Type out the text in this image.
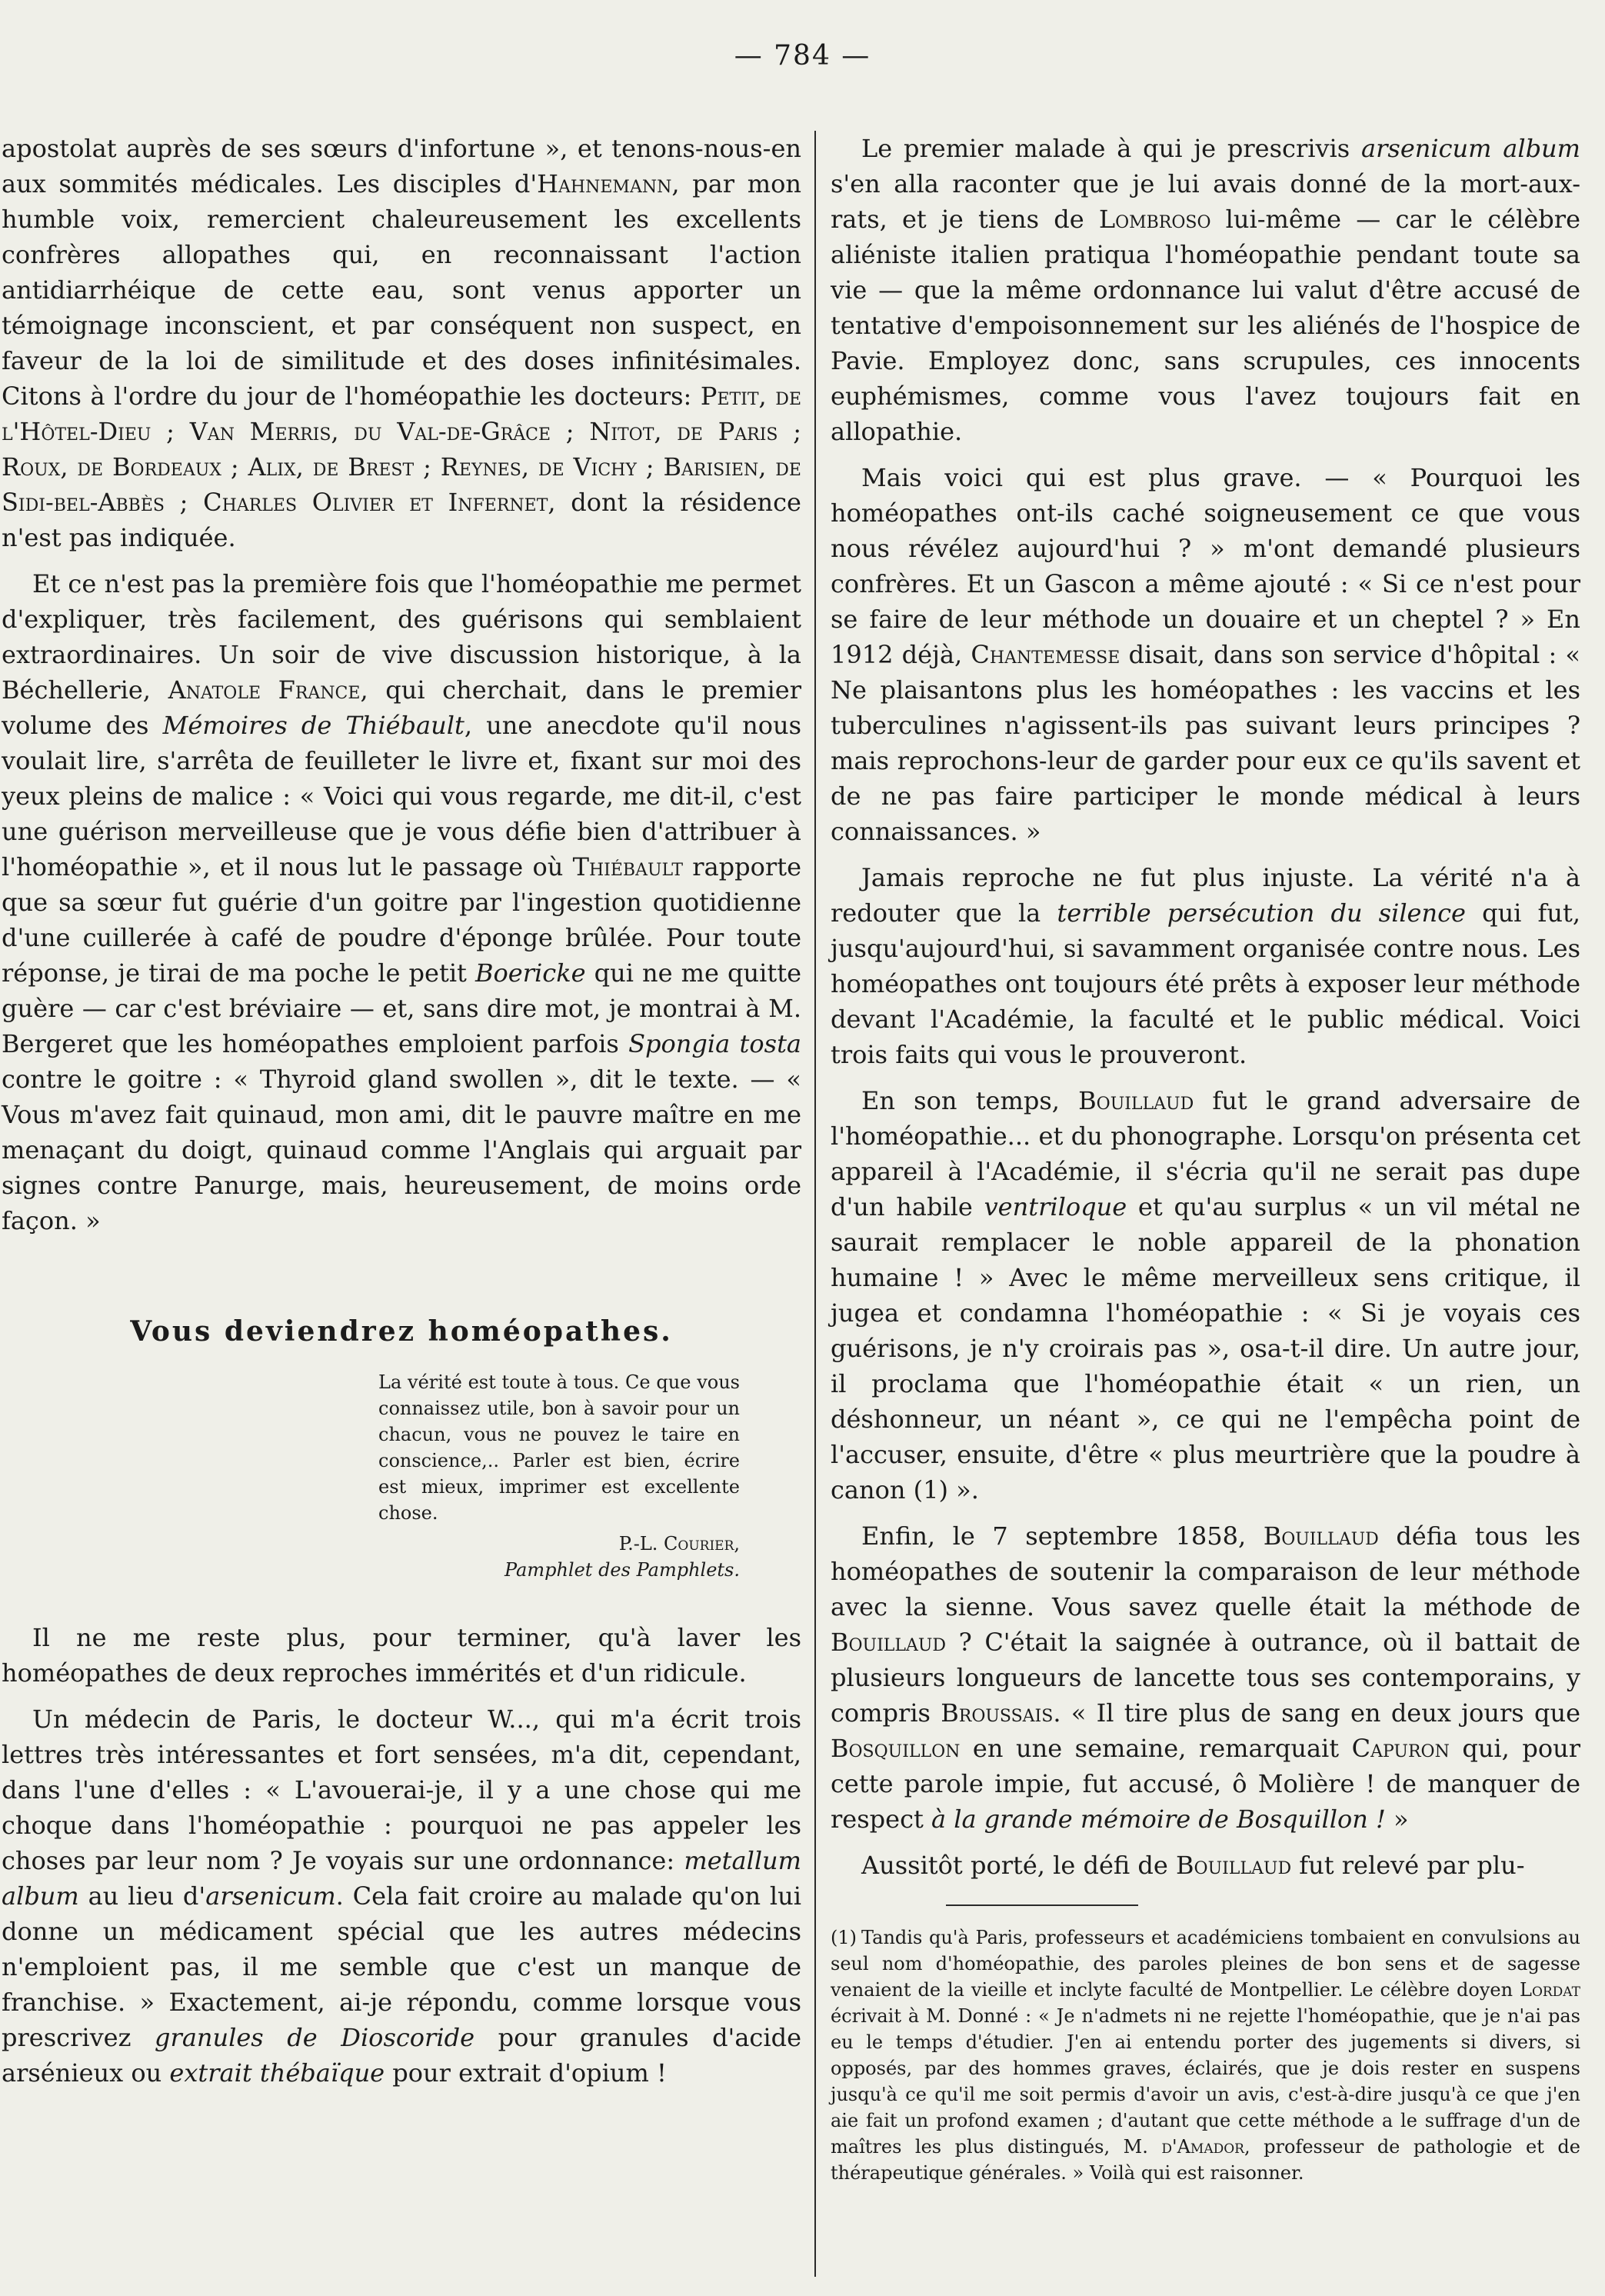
— 784 —

apostolat auprès de ses sœurs d'infortune », et tenons-nous-en aux sommités médicales. Les disciples d'Hahnemann, par mon humble voix, remercient chaleureusement les excellents confrères allopathes qui, en reconnaissant l'action antidiarrhéique de cette eau, sont venus apporter un témoignage inconscient, et par conséquent non suspect, en faveur de la loi de similitude et des doses infinitésimales. Citons à l'ordre du jour de l'homéopathie les docteurs: Petit, de l'Hôtel-Dieu ; Van Merris, du Val-de-Grâce ; Nitot, de Paris ; Roux, de Bordeaux ; Alix, de Brest ; Reynes, de Vichy ; Barisien, de Sidi-bel-Abbès ; Charles Olivier et Infernet, dont la résidence n'est pas indiquée.

Et ce n'est pas la première fois que l'homéopathie me permet d'expliquer, très facilement, des guérisons qui semblaient extraordinaires. Un soir de vive discussion historique, à la Béchellerie, Anatole France, qui cherchait, dans le premier volume des Mémoires de Thiébault, une anecdote qu'il nous voulait lire, s'arrêta de feuilleter le livre et, fixant sur moi des yeux pleins de malice : « Voici qui vous regarde, me dit-il, c'est une guérison merveilleuse que je vous défie bien d'attribuer à l'homéopathie », et il nous lut le passage où Thiébault rapporte que sa sœur fut guérie d'un goitre par l'ingestion quotidienne d'une cuillerée à café de poudre d'éponge brûlée. Pour toute réponse, je tirai de ma poche le petit Boericke qui ne me quitte guère — car c'est bréviaire — et, sans dire mot, je montrai à M. Bergeret que les homéopathes emploient parfois Spongia tosta contre le goitre : « Thyroid gland swollen », dit le texte. — « Vous m'avez fait quinaud, mon ami, dit le pauvre maître en me menaçant du doigt, quinaud comme l'Anglais qui arguait par signes contre Panurge, mais, heureusement, de moins orde façon. »

Vous deviendrez homéopathes.
La vérité est toute à tous. Ce que vous connaissez utile, bon à savoir pour un chacun, vous ne pouvez le taire en conscience,.. Parler est bien, écrire est mieux, imprimer est excellente chose.
P.-L. Courier,
Pamphlet des Pamphlets.

Il ne me reste plus, pour terminer, qu'à laver les homéopathes de deux reproches immérités et d'un ridicule.

Un médecin de Paris, le docteur W..., qui m'a écrit trois lettres très intéressantes et fort sensées, m'a dit, cependant, dans l'une d'elles : « L'avouerai-je, il y a une chose qui me choque dans l'homéopathie : pourquoi ne pas appeler les choses par leur nom ? Je voyais sur une ordonnance: metallum album au lieu d'arsenicum. Cela fait croire au malade qu'on lui donne un médicament spécial que les autres médecins n'emploient pas, il me semble que c'est un manque de franchise. » Exactement, ai-je répondu, comme lorsque vous prescrivez granules de Dioscoride pour granules d'acide arsénieux ou extrait thébaïque pour extrait d'opium !

Le premier malade à qui je prescrivis arsenicum album s'en alla raconter que je lui avais donné de la mort-aux-rats, et je tiens de Lombroso lui-même — car le célèbre aliéniste italien pratiqua l'homéopathie pendant toute sa vie — que la même ordonnance lui valut d'être accusé de tentative d'empoisonnement sur les aliénés de l'hospice de Pavie. Employez donc, sans scrupules, ces innocents euphémismes, comme vous l'avez toujours fait en allopathie.

Mais voici qui est plus grave. — « Pourquoi les homéopathes ont-ils caché soigneusement ce que vous nous révélez aujourd'hui ? » m'ont demandé plusieurs confrères. Et un Gascon a même ajouté : « Si ce n'est pour se faire de leur méthode un douaire et un cheptel ? » En 1912 déjà, Chantemesse disait, dans son service d'hôpital : « Ne plaisantons plus les homéopathes : les vaccins et les tuberculines n'agissent-ils pas suivant leurs principes ? mais reprochons-leur de garder pour eux ce qu'ils savent et de ne pas faire participer le monde médical à leurs connaissances. »

Jamais reproche ne fut plus injuste. La vérité n'a à redouter que la terrible persécution du silence qui fut, jusqu'aujourd'hui, si savamment organisée contre nous. Les homéopathes ont toujours été prêts à exposer leur méthode devant l'Académie, la faculté et le public médical. Voici trois faits qui vous le prouveront.

En son temps, Bouillaud fut le grand adversaire de l'homéopathie... et du phonographe. Lorsqu'on présenta cet appareil à l'Académie, il s'écria qu'il ne serait pas dupe d'un habile ventriloque et qu'au surplus « un vil métal ne saurait remplacer le noble appareil de la phonation humaine ! » Avec le même merveilleux sens critique, il jugea et condamna l'homéopathie : « Si je voyais ces guérisons, je n'y croirais pas », osa-t-il dire. Un autre jour, il proclama que l'homéopathie était « un rien, un déshonneur, un néant », ce qui ne l'empêcha point de l'accuser, ensuite, d'être « plus meurtrière que la poudre à canon (1) ».

Enfin, le 7 septembre 1858, Bouillaud défia tous les homéopathes de soutenir la comparaison de leur méthode avec la sienne. Vous savez quelle était la méthode de Bouillaud ? C'était la saignée à outrance, où il battait de plusieurs longueurs de lancette tous ses contemporains, y compris Broussais. « Il tire plus de sang en deux jours que Bosquillon en une semaine, remarquait Capuron qui, pour cette parole impie, fut accusé, ô Molière ! de manquer de respect à la grande mémoire de Bosquillon ! »

Aussitôt porté, le défi de Bouillaud fut relevé par plu-

(1) Tandis qu'à Paris, professeurs et académiciens tombaient en convulsions au seul nom d'homéopathie, des paroles pleines de bon sens et de sagesse venaient de la vieille et inclyte faculté de Montpellier. Le célèbre doyen Lordat écrivait à M. Donné : « Je n'admets ni ne rejette l'homéopathie, que je n'ai pas eu le temps d'étudier. J'en ai entendu porter des jugements si divers, si opposés, par des hommes graves, éclairés, que je dois rester en suspens jusqu'à ce qu'il me soit permis d'avoir un avis, c'est-à-dire jusqu'à ce que j'en aie fait un profond examen ; d'autant que cette méthode a le suffrage d'un de maîtres les plus distingués, M. d'Amador, professeur de pathologie et de thérapeutique générales. » Voilà qui est raisonner.
